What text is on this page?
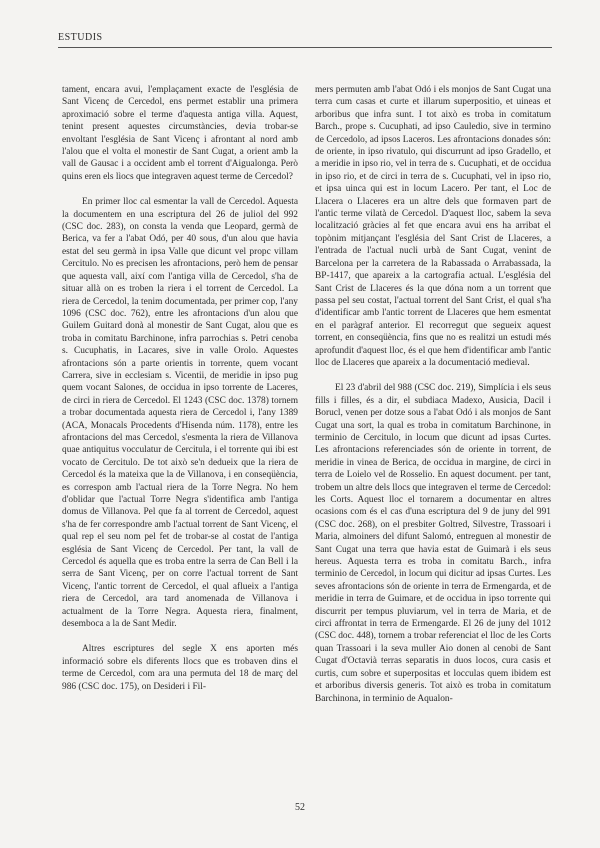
ESTUDIS

tament, encara avui, l'emplaçament exacte de l'església de Sant Vicenç de Cercedol, ens permet establir una primera aproximació sobre el terme d'aquesta antiga villa. Aquest, tenint present aquestes circumstàncies, devia trobar-se envoltant l'església de Sant Vicenç i afrontant al nord amb l'alou que el volta el monestir de Sant Cugat, a orient amb la vall de Gausac i a occident amb el torrent d'Aigualonga. Però quins eren els lìocs que integraven aquest terme de Cercedol?

En primer lloc cal esmentar la vall de Cercedol. Aquesta la documentem en una escriptura del 26 de juliol del 992 (CSC doc. 283), on consta la venda que Leopard, germà de Berica, va fer a l'abat Odó, per 40 sous, d'un alou que havia estat del seu germà in ipsa Valle que dicunt vel propc villam Cercitulo. No es precisen les afrontacions, però hem de pensar que aquesta vall, així com l'antiga villa de Cercedol, s'ha de situar allà on es troben la riera i el torrent de Cercedol. La riera de Cercedol, la tenim documentada, per primer cop, l'any 1096 (CSC doc. 762), entre les afrontacions d'un alou que Guilem Guitard donà al monestir de Sant Cugat, alou que es troba in comitatu Barchinone, infra parrochias s. Petri cenoba s. Cucuphatis, in Lacares, sive in valle Orolo. Aquestes afrontacions són a parte orientis in torrente, quem vocant Carrera, sive in ecclesiam s. Vicentii, de meridie in ipso pug quem vocant Salones, de occidua in ipso torrente de Laceres, de circi in riera de Cercedol. El 1243 (CSC doc. 1378) tornem a trobar documentada aquesta riera de Cercedol i, l'any 1389 (ACA, Monacals Procedents d'Hisenda núm. 1178), entre les afrontacions del mas Cercedol, s'esmenta la riera de Villanova quae antiquitus vocculatur de Cercitula, i el torrente qui ibi est vocato de Cercitulo. De tot això se'n dedueix que la riera de Cercedol és la mateixa que la de Villanova, i en conseqüència, es correspon amb l'actual riera de la Torre Negra. No hem d'oblidar que l'actual Torre Negra s'identifica amb l'antiga domus de Villanova. Pel que fa al torrent de Cercedol, aquest s'ha de fer correspondre amb l'actual torrent de Sant Vicenç, el qual rep el seu nom pel fet de trobar-se al costat de l'antiga església de Sant Vicenç de Cercedol. Per tant, la vall de Cercedol és aquella que es troba entre la serra de Can Bell i la serra de Sant Vicenç, per on corre l'actual torrent de Sant Vicenç, l'antic torrent de Cercedol, el qual aflueix a l'antiga riera de Cercedol, ara tard anomenada de Villanova i actualment de la Torre Negra. Aquesta riera, finalment, desemboca a la de Sant Medir.

Altres escriptures del segle X ens aporten més informació sobre els diferents llocs que es trobaven dins el terme de Cercedol, com ara una permuta del 18 de març del 986 (CSC doc. 175), on Desideri i Fil-

mers permuten amb l'abat Odó i els monjos de Sant Cugat una terra cum casas et curte et illarum superpositio, et uineas et arboribus que infra sunt. I tot això es troba in comitatum Barch., prope s. Cucuphati, ad ipso Cauledio, sive in termino de Cercedolo, ad ipsos Laceros. Les afrontacions donades són: de oriente, in ipso rivatulo, qui discurrunt ad ipso Gradello, et a meridie in ipso rio, vel in terra de s. Cucuphati, et de occidua in ipso rio, et de circi in terra de s. Cucuphati, vel in ipso rio, et ipsa uinca qui est in locum Lacero. Per tant, el Loc de Llacera o Llaceres era un altre dels que formaven part de l'antic terme vilatà de Cercedol. D'aquest lloc, sabem la seva localització gràcies al fet que encara avui ens ha arribat el topònim mitjançant l'església del Sant Crist de Llaceres, a l'entrada de l'actual nucli urbà de Sant Cugat, venint de Barcelona per la carretera de la Rabassada o Arrabassada, la BP-1417, que apareix a la cartografia actual. L'església del Sant Crist de Llaceres és la que dóna nom a un torrent que passa pel seu costat, l'actual torrent del Sant Crist, el qual s'ha d'identificar amb l'antic torrent de Llaceres que hem esmentat en el paràgraf anterior. El recorregut que segueix aquest torrent, en conseqüència, fins que no es realitzi un estudi més aprofundit d'aquest lloc, és el que hem d'identificar amb l'antic lloc de Llaceres que apareix a la documentació medieval.

El 23 d'abril del 988 (CSC doc. 219), Simplícia i els seus fills i filles, és a dir, el subdiaca Madexo, Ausicia, Dacil i Borucl, venen per dotze sous a l'abat Odó i als monjos de Sant Cugat una sort, la qual es troba in comitatum Barchinone, in terminio de Cercitulo, in locum que dicunt ad ipsas Curtes. Les afrontacions referenciades són de oriente in torrent, de meridie in vinea de Berica, de occidua in margine, de circi in terra de Loielo vel de Rosselio. En aquest document. per tant, trobem un altre dels llocs que integraven el terme de Cercedol: les Corts. Aquest lloc el tornarem a documentar en altres ocasions com és el cas d'una escriptura del 9 de juny del 991 (CSC doc. 268), on el presbiter Goltred, Silvestre, Trassoari i Maria, almoiners del difunt Salomó, entreguen al monestir de Sant Cugat una terra que havia estat de Guimarà i els seus hereus. Aquesta terra es troba in comitatu Barch., infra terminio de Cercedol, in locum qui dicitur ad ipsas Curtes. Les seves afrontacions són de oriente in terra de Ermengarda, et de meridie in terra de Guimare, et de occidua in ipso torrente qui discurrit per tempus pluviarum, vel in terra de Maria, et de circi affrontat in terra de Ermengarde. El 26 de juny del 1012 (CSC doc. 448), tornem a trobar referenciat el lloc de les Corts quan Trassoari i la seva muller Aio donen al cenobi de Sant Cugat d'Octavià terras separatis in duos locos, cura casis et curtis, cum sobre et superpositas et locculas quem ibidem est et arboribus diversis generis. Tot això es troba in comitatum Barchinona, in terminio de Aqualon-

52
